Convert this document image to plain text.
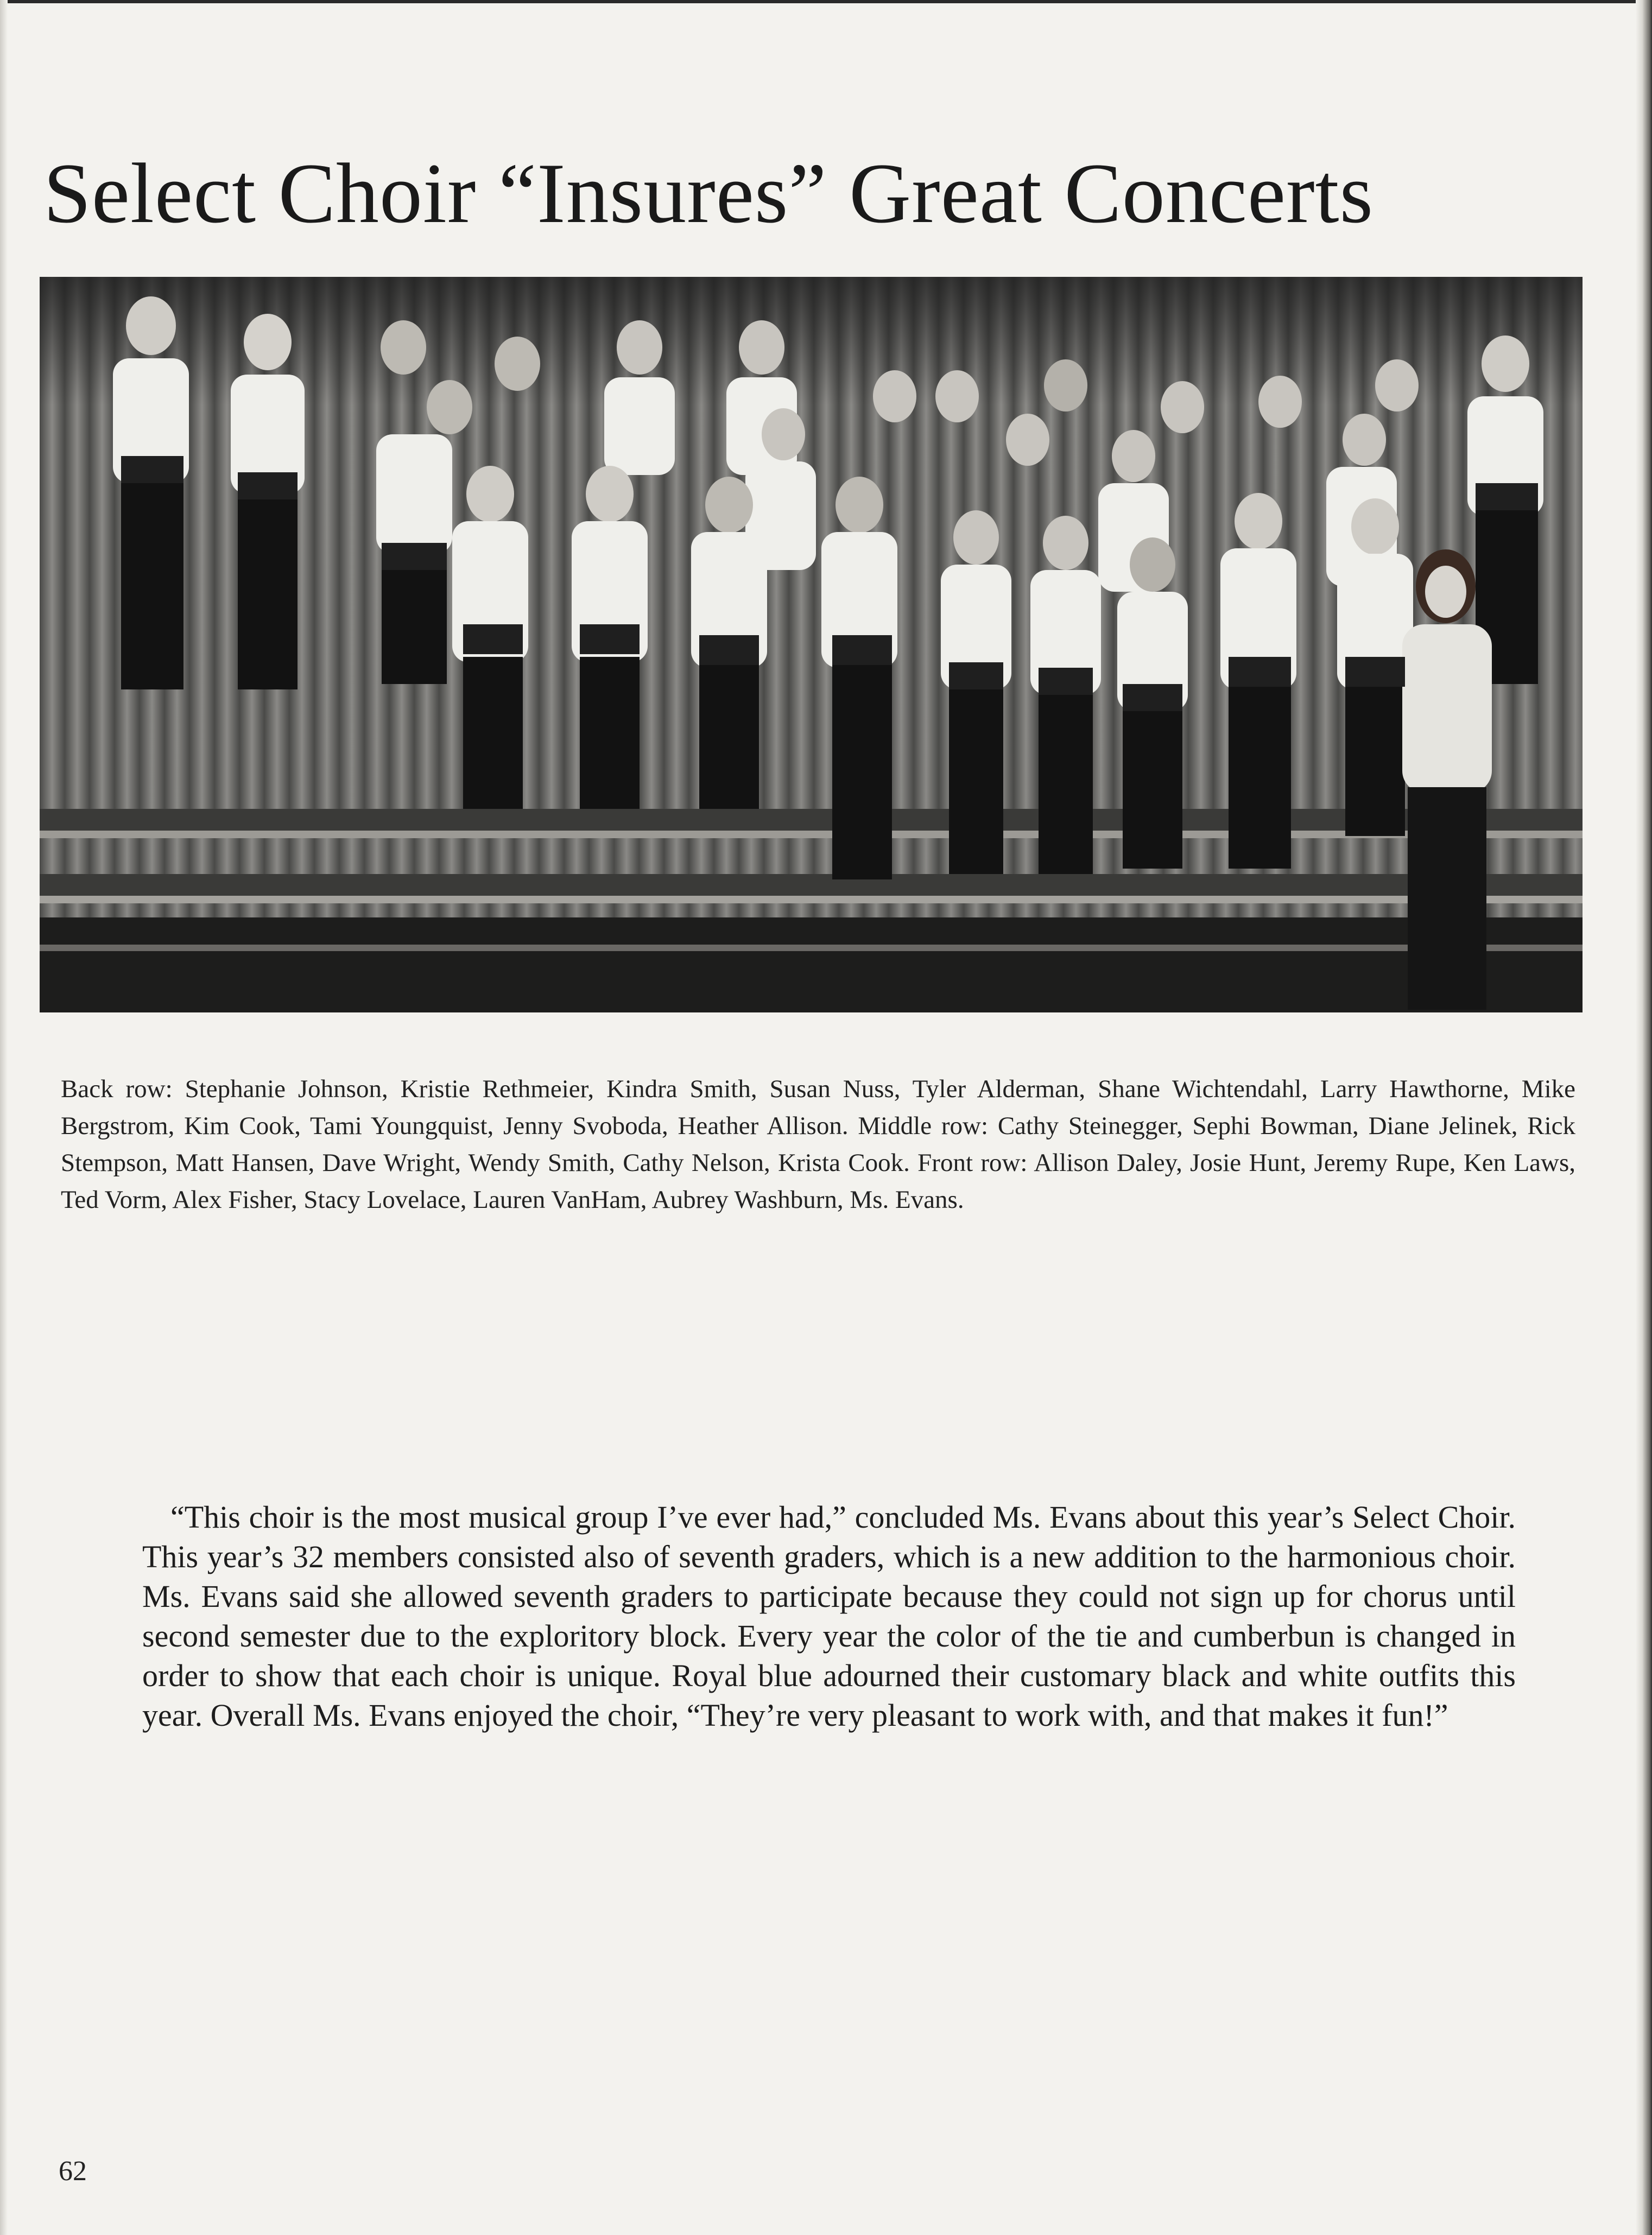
Select Choir “Insures” Great Concerts

Back row: Stephanie Johnson, Kristie Rethmeier, Kindra Smith, Susan Nuss, Tyler Alderman, Shane Wichtendahl, Larry Hawthorne, Mike Bergstrom, Kim Cook, Tami Youngquist, Jenny Svoboda, Heather Allison. Middle row: Cathy Steinegger, Sephi Bowman, Diane Jelinek, Rick Stempson, Matt Hansen, Dave Wright, Wendy Smith, Cathy Nelson, Krista Cook. Front row: Allison Daley, Josie Hunt, Jeremy Rupe, Ken Laws, Ted Vorm, Alex Fisher, Stacy Lovelace, Lauren VanHam, Aubrey Washburn, Ms. Evans.

“This choir is the most musical group I’ve ever had,” concluded Ms. Evans about this year’s Select Choir. This year’s 32 members consisted also of seventh graders, which is a new addition to the harmonious choir. Ms. Evans said she allowed seventh graders to participate because they could not sign up for chorus until second semester due to the exploritory block. Every year the color of the tie and cumberbun is changed in order to show that each choir is unique. Royal blue adourned their customary black and white outfits this year. Overall Ms. Evans enjoyed the choir, “They’re very pleasant to work with, and that makes it fun!”

62
